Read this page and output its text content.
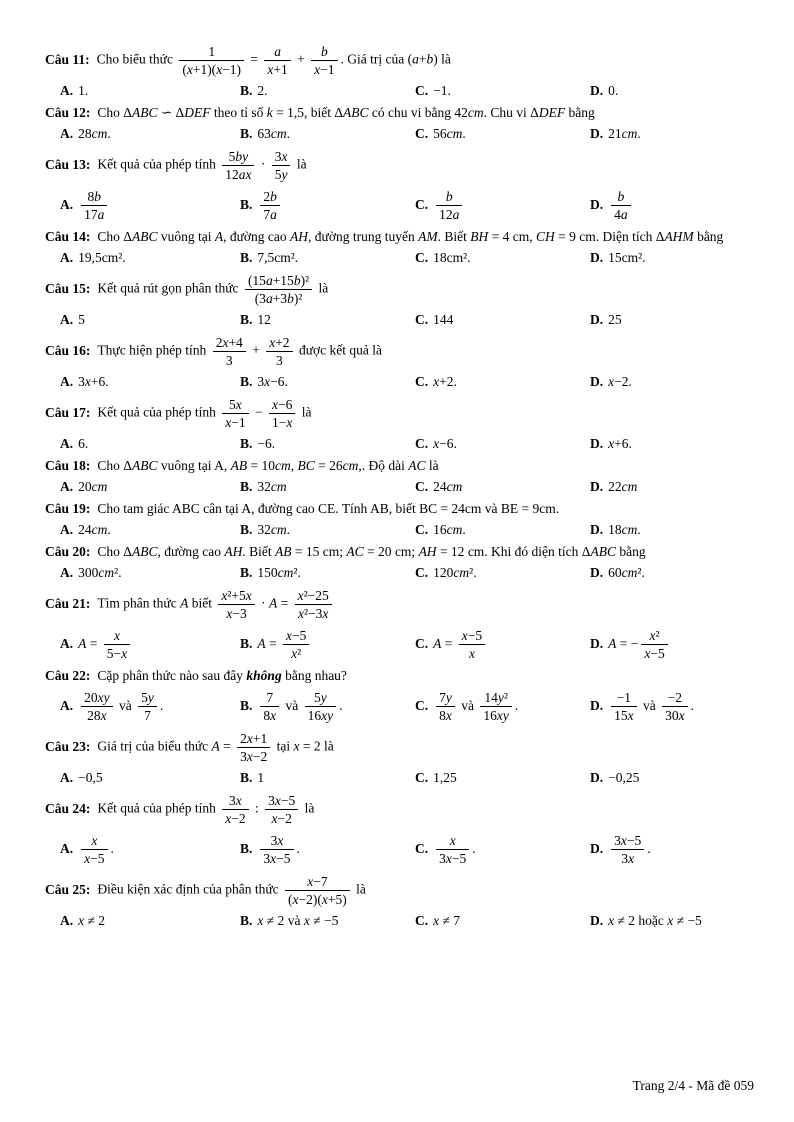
Câu 11: Cho biểu thức $\frac{1}{(x+1)(x-1)} = \frac{a}{x+1} + \frac{b}{x-1}$ . Giá trị của (a+b) là
A. 1.	B. 2.	C. −1.	D. 0.
Câu 12: Cho ΔABC ∽ ΔDEF theo tỉ số k = 1,5, biết ΔABC có chu vi bằng 42cm. Chu vi ΔDEF bằng
A. 28cm.	B. 63cm.	C. 56cm.	D. 21cm.
Câu 13: Kết quả của phép tính $\frac{5by}{12ax} \cdot \frac{3x}{5y}$ là
A. $\frac{8b}{17a}$	B. $\frac{2b}{7a}$	C. $\frac{b}{12a}$	D. $\frac{b}{4a}$
Câu 14: Cho ΔABC vuông tại A, đường cao AH, đường trung tuyến AM. Biết BH = 4 cm, CH = 9 cm. Diện tích ΔAHM bằng
A. 19,5cm².	B. 7,5cm².	C. 18cm².	D. 15cm².
Câu 15: Kết quả rút gọn phân thức $\frac{\text{(15a+15b)²}}{\text{(3a+3b)²}}$ là
A. 5	B. 12	C. 144	D. 25
Câu 16: Thực hiện phép tính $\frac{2x+4}{3} + \frac{x+2}{3}$ được kết quả là
A. 3x+6.	B. 3x−6.	C. x+2.	D. x−2.
Câu 17: Kết quả của phép tính $\frac{5x}{x-1} - \frac{x-6}{1-x}$ là
A. 6.	B. −6.	C. x−6.	D. x+6.
Câu 18: Cho ΔABC vuông tại A, AB = 10cm, BC = 26cm,. Độ dài AC là
A. 20cm	B. 32cm	C. 24cm	D. 22cm
Câu 19: Cho tam giác ABC cân tại A, đường cao CE. Tính AB, biết BC = 24cm và BE = 9cm.
A. 24cm.	B. 32cm.	C. 16cm.	D. 18cm.
Câu 20: Cho ΔABC, đường cao AH. Biết AB = 15 cm; AC = 20 cm; AH = 12 cm. Khi đó diện tích ΔABC bằng
A. 300cm².	B. 150cm².	C. 120cm².	D. 60cm².
Câu 21: Tìm phân thức A biết $\frac{\text{x²+5x}}{x-3} \cdot A = \frac{\text{x²−25}}{\text{x²−3x}}$
A. $A = \frac{x}{5-x}$	B. $A = \frac{x-5}{\text{x²}}$	C. $A = \frac{x-5}{x}$	D. A = − $\frac{\text{x²}}{x-5}$
Câu 22: Cặp phân thức nào sau đây không bằng nhau?
A. $\frac{20xy}{28x}$ và $\frac{5y}{7}$ .	B. $\frac{7}{8x}$ và $\frac{5y}{16xy}$ .	C. $\frac{7y}{8x}$ và $\frac{\text{14y²}}{16xy}$ .	D. $\frac{-1}{15x}$ và $\frac{-2}{30x}$ .
Câu 23: Giá trị của biểu thức $A = \frac{2x+1}{3x-2}$ tại x = 2 là
A. −0,5	B. 1	C. 1,25	D. −0,25
Câu 24: Kết quả của phép tính $\frac{3x}{x-2}$ : $\frac{3x-5}{x-2}$ là
A. $\frac{x}{x-5}$ .	B. $\frac{3x}{3x-5}$ .	C. $\frac{x}{3x-5}$ .	D. $\frac{3x-5}{3x}$ .
Câu 25: Điều kiện xác định của phân thức $\frac{x-7}{(x-2)(x+5)}$ là
A. x ≠ 2	B. x ≠ 2 và x ≠ −5	C. x ≠ 7	D. x ≠ 2 hoặc x ≠ −5
Trang 2/4 - Mã đề 059
